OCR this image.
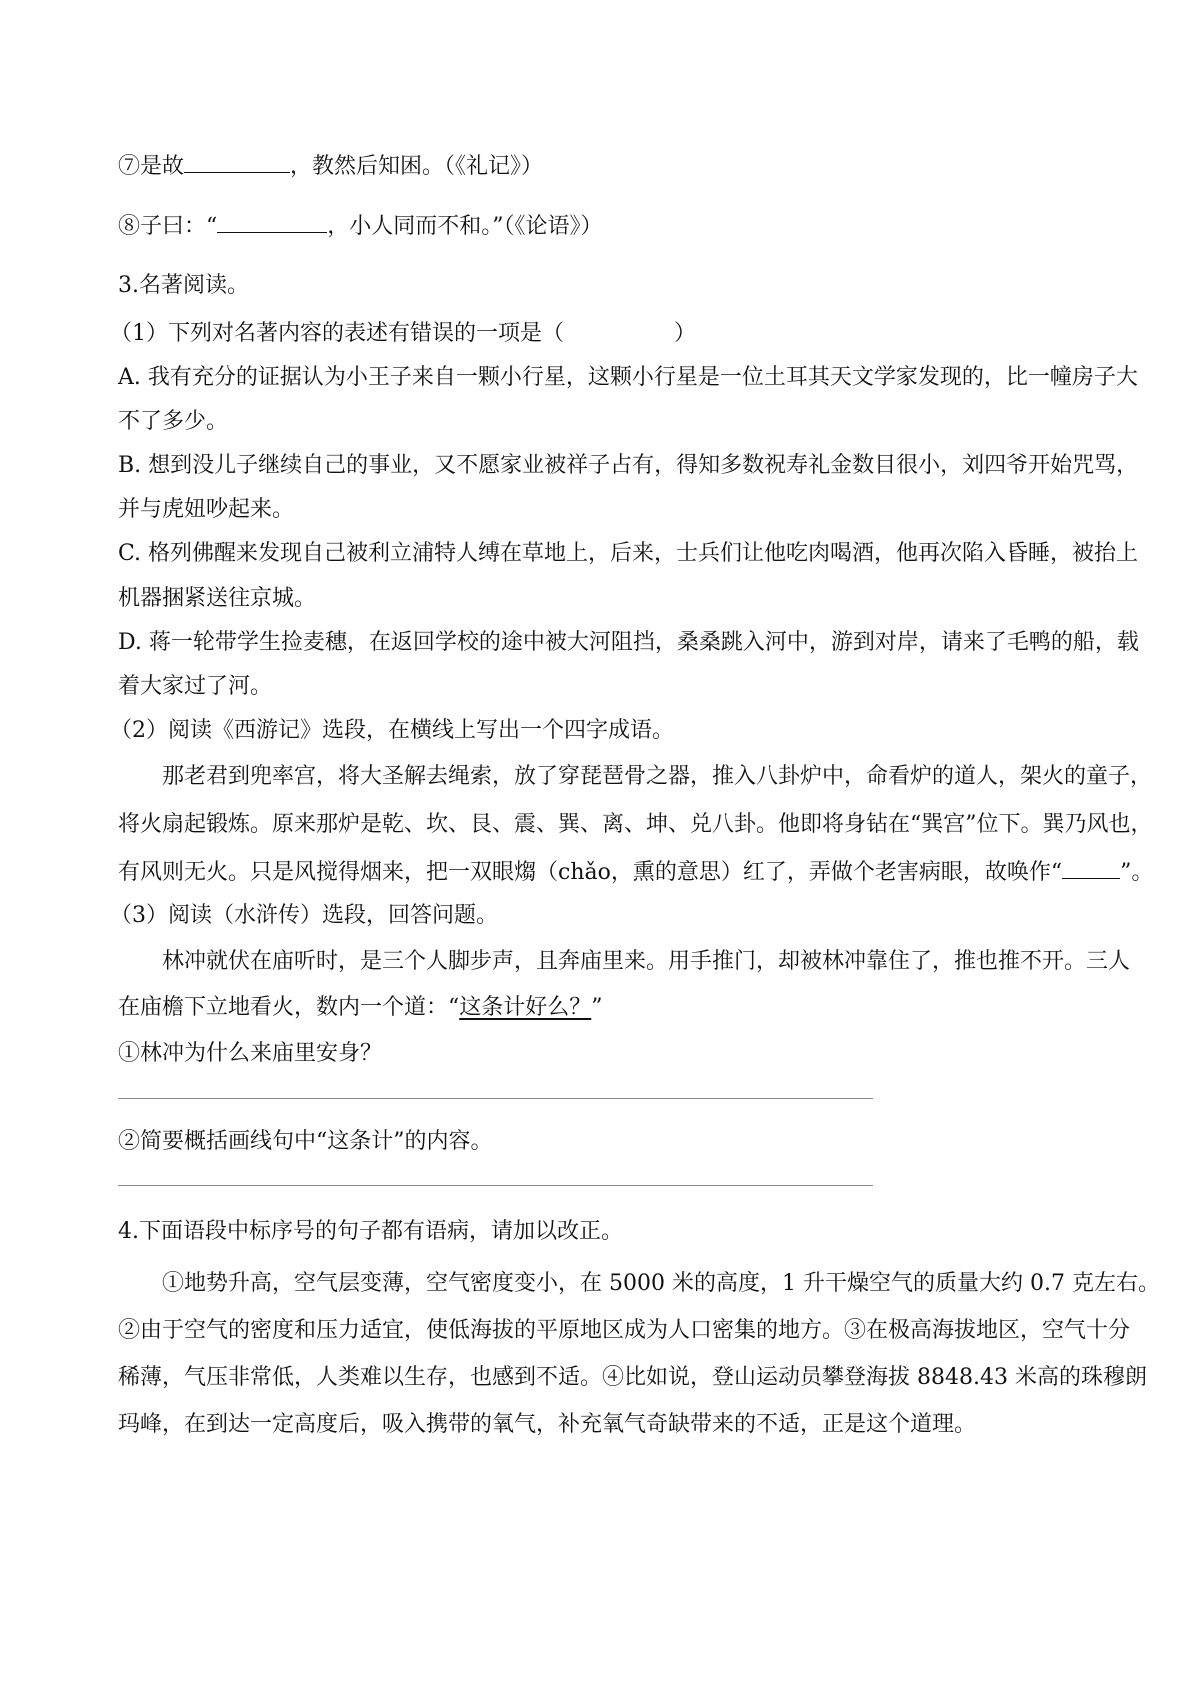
⑦是故	，教然后知困。（《礼记》）
⑧子曰：“	，小人同而不和。”（《论语》）
3.名著阅读。
（1）下列对名著内容的表述有错误的一项是（	）
A. 我有充分的证据认为小王子来自一颗小行星，这颗小行星是一位土耳其天文学家发现的，比一幢房子大
不了多少。
B. 想到没儿子继续自己的事业，又不愿家业被祥子占有，得知多数祝寿礼金数目很小，刘四爷开始咒骂，
并与虎妞吵起来。
C. 格列佛醒来发现自己被利立浦特人缚在草地上，后来，士兵们让他吃肉喝酒，他再次陷入昏睡，被抬上
机器捆紧送往京城。
D. 蒋一轮带学生捡麦穗，在返回学校的途中被大河阻挡，桑桑跳入河中，游到对岸，请来了毛鸭的船，载
着大家过了河。
（2）阅读《西游记》选段，在横线上写出一个四字成语。
那老君到兜率宫，将大圣解去绳索，放了穿琵琶骨之器，推入八卦炉中，命看炉的道人，架火的童子，
将火扇起锻炼。原来那炉是乾、坎、艮、震、巽、离、坤、兑八卦。他即将身钻在“巽宫”位下。巽乃风也，
有风则无火。只是风搅得烟来，把一双眼煼（chǎo，熏的意思）红了，弄做个老害病眼，故唤作“	”。
（3）阅读（水浒传）选段，回答问题。
林冲就伏在庙听时，是三个人脚步声，且奔庙里来。用手推门，却被林冲靠住了，推也推不开。三人
在庙檐下立地看火，数内一个道：“这条计好么？”
①林冲为什么来庙里安身？
②简要概括画线句中“这条计”的内容。
4.下面语段中标序号的句子都有语病，请加以改正。
①地势升高，空气层变薄，空气密度变小，在 5000 米的高度，1 升干燥空气的质量大约 0.7 克左右。
②由于空气的密度和压力适宜，使低海拔的平原地区成为人口密集的地方。③在极高海拔地区，空气十分
稀薄，气压非常低，人类难以生存，也感到不适。④比如说，登山运动员攀登海拔 8848.43 米高的珠穆朗
玛峰，在到达一定高度后，吸入携带的氧气，补充氧气奇缺带来的不适，正是这个道理。
